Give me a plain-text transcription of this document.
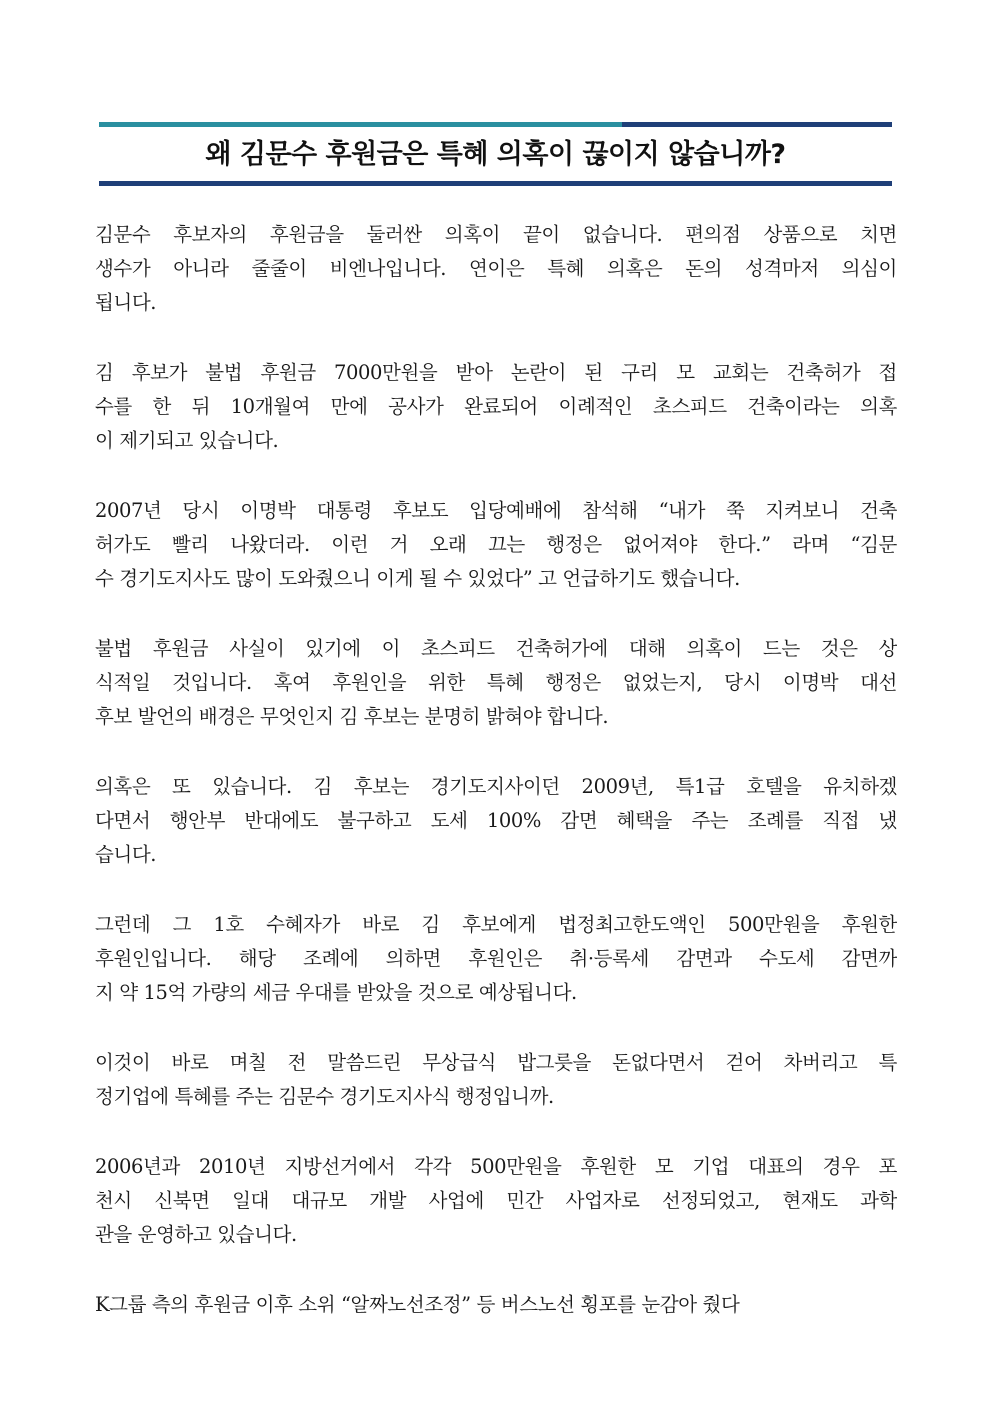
왜 김문수 후원금은 특혜 의혹이 끊이지 않습니까?
김문수 후보자의 후원금을 둘러싼 의혹이 끝이 없습니다. 편의점 상품으로 치면
생수가 아니라 줄줄이 비엔나입니다. 연이은 특혜 의혹은 돈의 성격마저 의심이
됩니다.
김 후보가 불법 후원금 7000만원을 받아 논란이 된 구리 모 교회는 건축허가 접
수를 한 뒤 10개월여 만에 공사가 완료되어 이례적인 초스피드 건축이라는 의혹
이 제기되고 있습니다.
2007년 당시 이명박 대통령 후보도 입당예배에 참석해 “내가 쭉 지켜보니 건축
허가도 빨리 나왔더라. 이런 거 오래 끄는 행정은 없어져야 한다.” 라며 “김문
수 경기도지사도 많이 도와줬으니 이게 될 수 있었다” 고 언급하기도 했습니다.
불법 후원금 사실이 있기에 이 초스피드 건축허가에 대해 의혹이 드는 것은 상
식적일 것입니다. 혹여 후원인을 위한 특혜 행정은 없었는지, 당시 이명박 대선
후보 발언의 배경은 무엇인지 김 후보는 분명히 밝혀야 합니다.
의혹은 또 있습니다. 김 후보는 경기도지사이던 2009년, 특1급 호텔을 유치하겠
다면서 행안부 반대에도 불구하고 도세 100% 감면 혜택을 주는 조례를 직접 냈
습니다.
그런데 그 1호 수혜자가 바로 김 후보에게 법정최고한도액인 500만원을 후원한
후원인입니다. 해당 조례에 의하면 후원인은 취·등록세 감면과 수도세 감면까
지 약 15억 가량의 세금 우대를 받았을 것으로 예상됩니다.
이것이 바로 며칠 전 말씀드린 무상급식 밥그릇을 돈없다면서 걷어 차버리고 특
정기업에 특혜를 주는 김문수 경기도지사식 행정입니까.
2006년과 2010년 지방선거에서 각각 500만원을 후원한 모 기업 대표의 경우 포
천시 신북면 일대 대규모 개발 사업에 민간 사업자로 선정되었고, 현재도 과학
관을 운영하고 있습니다.
K그룹 측의 후원금 이후 소위 “알짜노선조정” 등 버스노선 횡포를 눈감아 줬다
